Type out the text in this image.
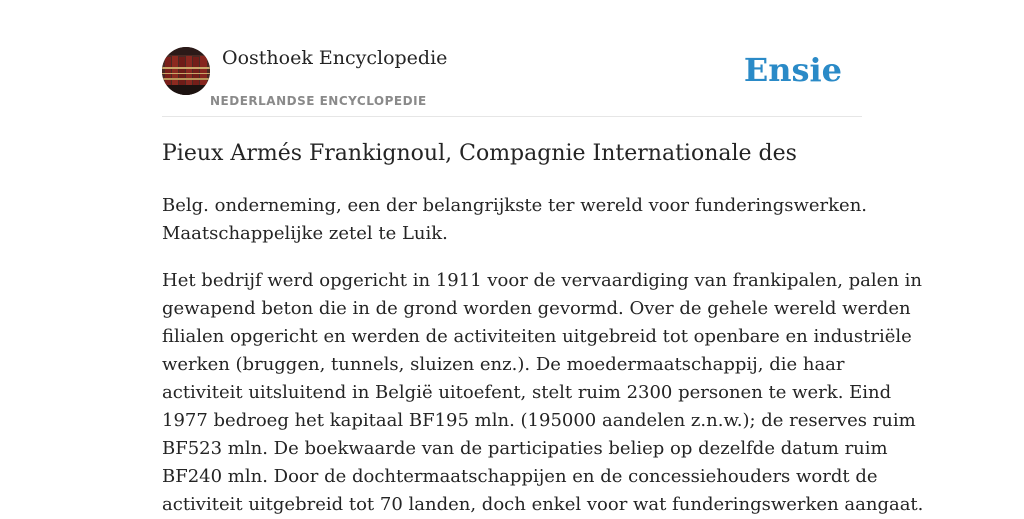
Oosthoek Encyclopedie
NEDERLANDSE ENCYCLOPEDIE
Ensie
Pieux Armés Frankignoul, Compagnie Internationale des

Belg. onderneming, een der belangrijkste ter wereld voor funderingswerken.
Maatschappelijke zetel te Luik.

Het bedrijf werd opgericht in 1911 voor de vervaardiging van frankipalen, palen in
gewapend beton die in de grond worden gevormd. Over de gehele wereld werden
filialen opgericht en werden de activiteiten uitgebreid tot openbare en industriële
werken (bruggen, tunnels, sluizen enz.). De moedermaatschappij, die haar
activiteit uitsluitend in België uitoefent, stelt ruim 2300 personen te werk. Eind
1977 bedroeg het kapitaal BF195 mln. (195000 aandelen z.n.w.); de reserves ruim
BF523 mln. De boekwaarde van de participaties beliep op dezelfde datum ruim
BF240 mln. Door de dochtermaatschappijen en de concessiehouders wordt de
activiteit uitgebreid tot 70 landen, doch enkel voor wat funderingswerken aangaat.
